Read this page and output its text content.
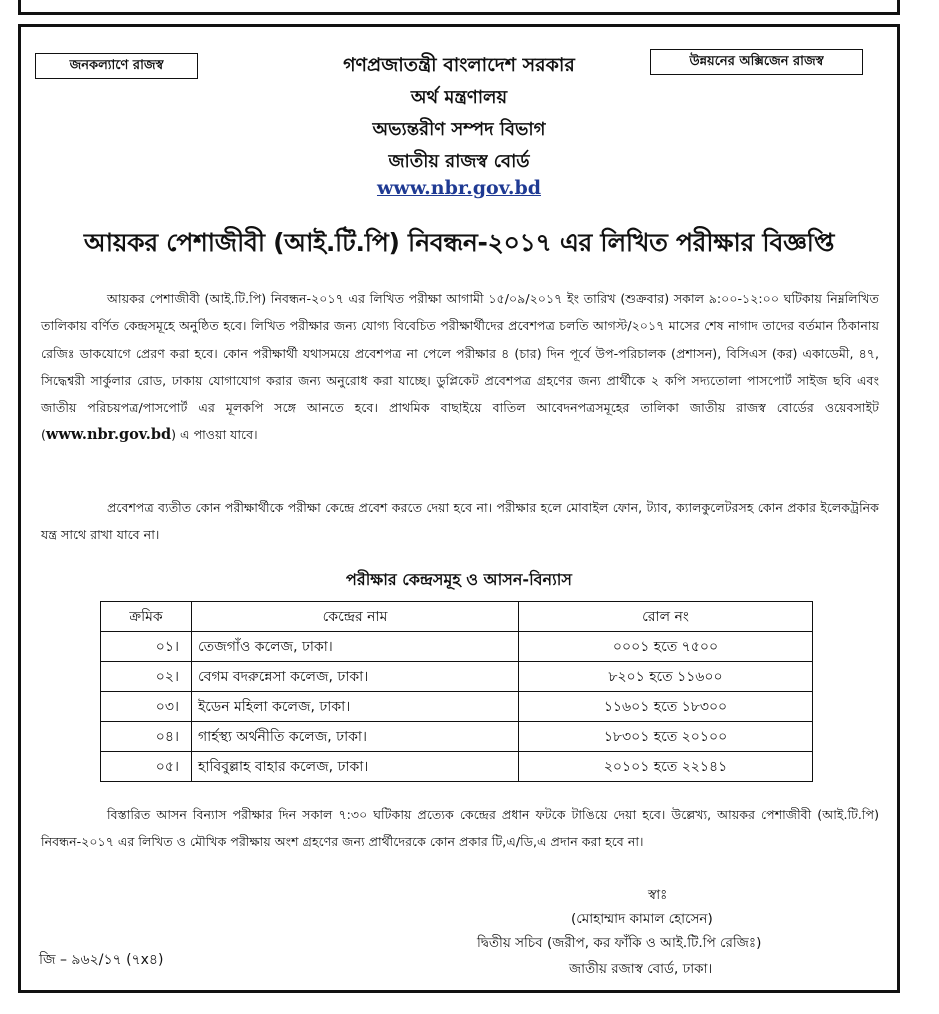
জনকল্যাণে রাজস্ব	উন্নয়নের অক্সিজেন রাজস্ব
গণপ্রজাতন্ত্রী বাংলাদেশ সরকার
অর্থ মন্ত্রণালয়
অভ্যন্তরীণ সম্পদ বিভাগ
জাতীয় রাজস্ব বোর্ড
www.nbr.gov.bd
আয়কর পেশাজীবী (আই.টি.পি) নিবন্ধন-২০১৭ এর লিখিত পরীক্ষার বিজ্ঞপ্তি
আয়কর পেশাজীবী (আই.টি.পি) নিবন্ধন-২০১৭ এর লিখিত পরীক্ষা আগামী ১৫/০৯/২০১৭ ইং তারিখ (শুক্রবার) সকাল ৯:০০-১২:০০ ঘটিকায় নিম্নলিখিত তালিকায় বর্ণিত কেন্দ্রসমূহে অনুষ্ঠিত হবে। লিখিত পরীক্ষার জন্য যোগ্য বিবেচিত পরীক্ষার্থীদের প্রবেশপত্র চলতি আগস্ট/২০১৭ মাসের শেষ নাগাদ তাদের বর্তমান ঠিকানায় রেজিঃ ডাকযোগে প্রেরণ করা হবে। কোন পরীক্ষার্থী যথাসময়ে প্রবেশপত্র না পেলে পরীক্ষার ৪ (চার) দিন পূর্বে উপ-পরিচালক (প্রশাসন), বিসিএস (কর) একাডেমী, ৪৭, সিদ্ধেশ্বরী সার্কুলার রোড, ঢাকায় যোগাযোগ করার জন্য অনুরোধ করা যাচ্ছে। ডুপ্লিকেট প্রবেশপত্র গ্রহণের জন্য প্রার্থীকে ২ কপি সদ্যতোলা পাসপোর্ট সাইজ ছবি এবং জাতীয় পরিচয়পত্র/পাসপোর্ট এর মূলকপি সঙ্গে আনতে হবে। প্রাথমিক বাছাইয়ে বাতিল আবেদনপত্রসমূহের তালিকা জাতীয় রাজস্ব বোর্ডের ওয়েবসাইট (www.nbr.gov.bd) এ পাওয়া যাবে।
প্রবেশপত্র ব্যতীত কোন পরীক্ষার্থীকে পরীক্ষা কেন্দ্রে প্রবেশ করতে দেয়া হবে না। পরীক্ষার হলে মোবাইল ফোন, ট্যাব, ক্যালকুলেটরসহ কোন প্রকার ইলেকট্রনিক যন্ত্র সাথে রাখা যাবে না।
পরীক্ষার কেন্দ্রসমূহ ও আসন-বিন্যাস
ক্রমিক	কেন্দ্রের নাম	রোল নং
০১।	তেজগাঁও কলেজ, ঢাকা।	০০০১ হতে ৭৫০০
০২।	বেগম বদরুন্নেসা কলেজ, ঢাকা।	৮২০১ হতে ১১৬০০
০৩।	ইডেন মহিলা কলেজ, ঢাকা।	১১৬০১ হতে ১৮৩০০
০৪।	গার্হস্থ্য অর্থনীতি কলেজ, ঢাকা।	১৮৩০১ হতে ২০১০০
০৫।	হাবিবুল্লাহ বাহার কলেজ, ঢাকা।	২০১০১ হতে ২২১৪১
বিস্তারিত আসন বিন্যাস পরীক্ষার দিন সকাল ৭:৩০ ঘটিকায় প্রত্যেক কেন্দ্রের প্রধান ফটকে টাঙিয়ে দেয়া হবে। উল্লেখ্য, আয়কর পেশাজীবী (আই.টি.পি) নিবন্ধন-২০১৭ এর লিখিত ও মৌখিক পরীক্ষায় অংশ গ্রহণের জন্য প্রার্থীদেরকে কোন প্রকার টি,এ/ডি,এ প্রদান করা হবে না।
স্বাঃ
(মোহাম্মাদ কামাল হোসেন)
দ্বিতীয় সচিব (জরীপ, কর ফাঁকি ও আই.টি.পি রেজিঃ)
জাতীয় রজাস্ব বোর্ড, ঢাকা।
জি – ৯৬২/১৭ (৭x৪)
